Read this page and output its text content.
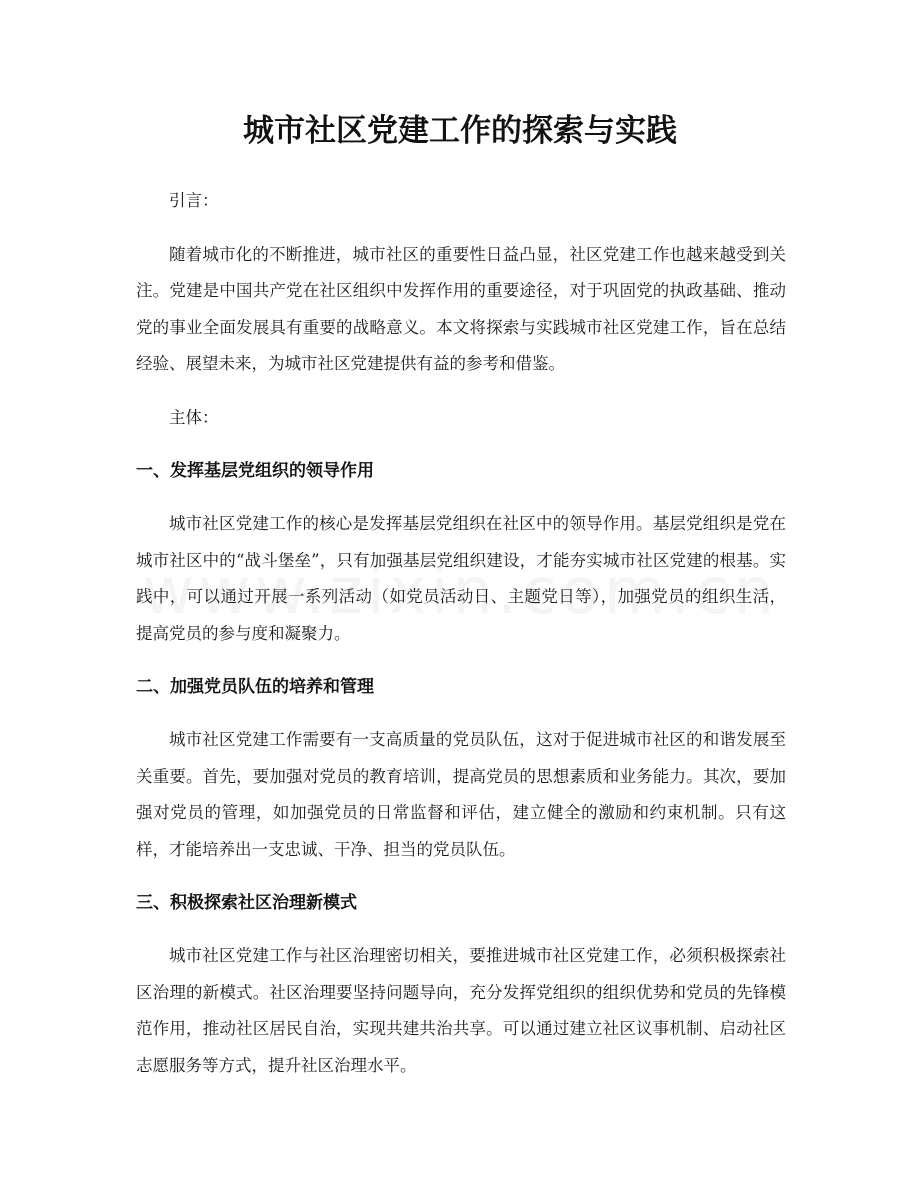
城市社区党建工作的探索与实践

引言：

随着城市化的不断推进，城市社区的重要性日益凸显，社区党建工作也越来越受到关注。党建是中国共产党在社区组织中发挥作用的重要途径，对于巩固党的执政基础、推动党的事业全面发展具有重要的战略意义。本文将探索与实践城市社区党建工作，旨在总结经验、展望未来，为城市社区党建提供有益的参考和借鉴。

主体：

一、发挥基层党组织的领导作用

城市社区党建工作的核心是发挥基层党组织在社区中的领导作用。基层党组织是党在城市社区中的“战斗堡垒”，只有加强基层党组织建设，才能夯实城市社区党建的根基。实践中，可以通过开展一系列活动（如党员活动日、主题党日等），加强党员的组织生活，提高党员的参与度和凝聚力。

二、加强党员队伍的培养和管理

城市社区党建工作需要有一支高质量的党员队伍，这对于促进城市社区的和谐发展至关重要。首先，要加强对党员的教育培训，提高党员的思想素质和业务能力。其次，要加强对党员的管理，如加强党员的日常监督和评估，建立健全的激励和约束机制。只有这样，才能培养出一支忠诚、干净、担当的党员队伍。

三、积极探索社区治理新模式

城市社区党建工作与社区治理密切相关，要推进城市社区党建工作，必须积极探索社区治理的新模式。社区治理要坚持问题导向，充分发挥党组织的组织优势和党员的先锋模范作用，推动社区居民自治，实现共建共治共享。可以通过建立社区议事机制、启动社区志愿服务等方式，提升社区治理水平。
